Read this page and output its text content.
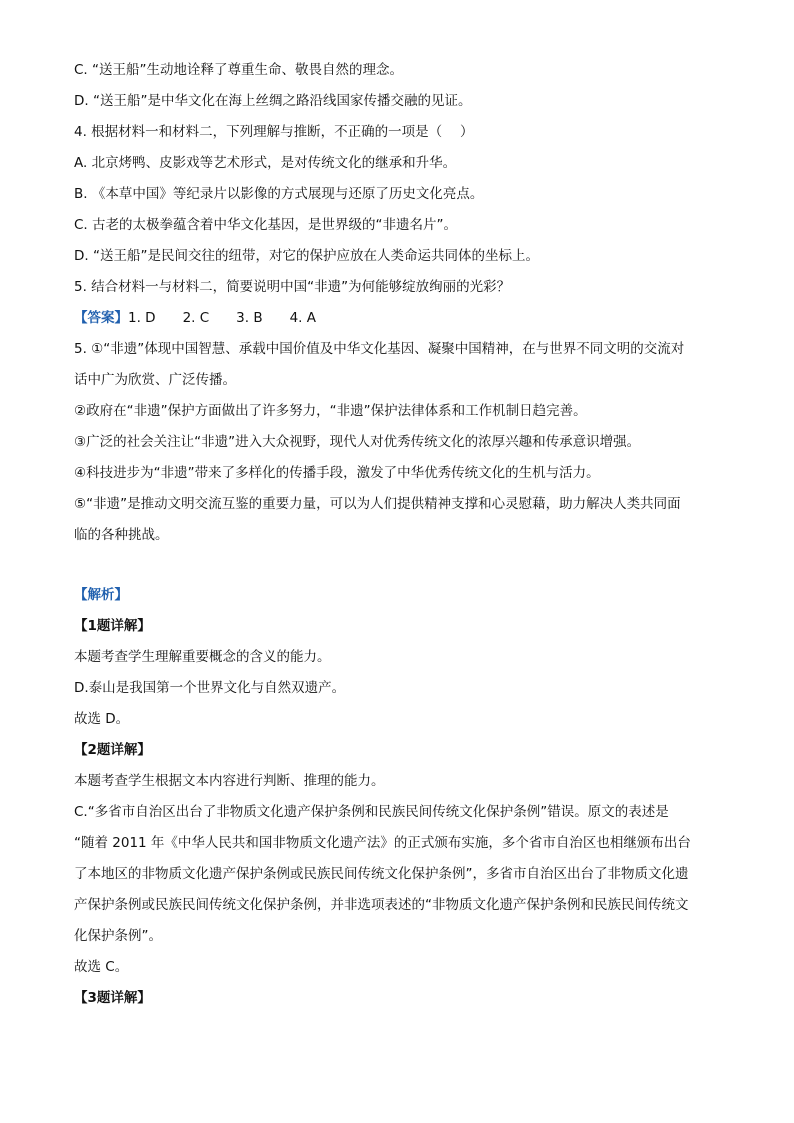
C. “送王船”生动地诠释了尊重生命、敬畏自然的理念。

D. “送王船”是中华文化在海上丝绸之路沿线国家传播交融的见证。

4. 根据材料一和材料二，下列理解与推断，不正确的一项是（　 ）

A. 北京烤鸭、皮影戏等艺术形式，是对传统文化的继承和升华。

B. 《本草中国》等纪录片以影像的方式展现与还原了历史文化亮点。

C. 古老的太极拳蕴含着中华文化基因，是世界级的“非遗名片”。

D. “送王船”是民间交往的纽带，对它的保护应放在人类命运共同体的坐标上。

5. 结合材料一与材料二，简要说明中国“非遗”为何能够绽放绚丽的光彩？

【答案】1. D　　2. C　　3. B　　4. A

5. ①“非遗”体现中国智慧、承载中国价值及中华文化基因、凝聚中国精神，在与世界不同文明的交流对

话中广为欣赏、广泛传播。

②政府在“非遗”保护方面做出了许多努力，“非遗”保护法律体系和工作机制日趋完善。

③广泛的社会关注让“非遗”进入大众视野，现代人对优秀传统文化的浓厚兴趣和传承意识增强。

④科技进步为“非遗”带来了多样化的传播手段，激发了中华优秀传统文化的生机与活力。

⑤“非遗”是推动文明交流互鉴的重要力量，可以为人们提供精神支撑和心灵慰藉，助力解决人类共同面

临的各种挑战。

【解析】

【1题详解】

本题考查学生理解重要概念的含义的能力。

D.泰山是我国第一个世界文化与自然双遗产。

故选 D。

【2题详解】

本题考查学生根据文本内容进行判断、推理的能力。

C.“多省市自治区出台了非物质文化遗产保护条例和民族民间传统文化保护条例”错误。原文的表述是

“随着 2011 年《中华人民共和国非物质文化遗产法》的正式颁布实施，多个省市自治区也相继颁布出台

了本地区的非物质文化遗产保护条例或民族民间传统文化保护条例”，多省市自治区出台了非物质文化遗

产保护条例或民族民间传统文化保护条例，并非选项表述的“非物质文化遗产保护条例和民族民间传统文

化保护条例”。

故选 C。

【3题详解】
